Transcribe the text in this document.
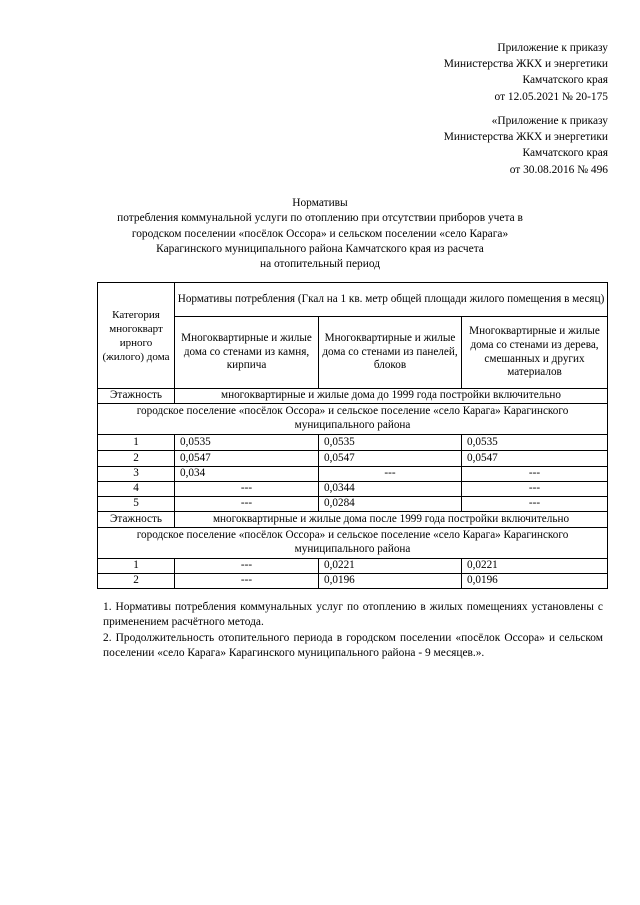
Приложение к приказу
Министерства ЖКХ и энергетики
Камчатского края
от 12.05.2021 № 20-175
«Приложение к приказу
Министерства ЖКХ и энергетики
Камчатского края
от 30.08.2016 № 496
Нормативы
потребления коммунальной услуги по отоплению при отсутствии приборов учета в
городском поселении «посёлок Оссора» и сельском поселении «село Карага»
Карагинского муниципального района Камчатского края из расчета
на отопительный период
Категория многокварт ирного (жилого) дома	Нормативы потребления (Гкал на 1 кв. метр общей площади жилого помещения в месяц)		
	Многоквартирные и жилые дома со стенами из камня, кирпича	Многоквартирные и жилые дома со стенами из панелей, блоков	Многоквартирные и жилые дома со стенами из дерева, смешанных и других материалов
Этажность	многоквартирные и жилые дома до 1999 года постройки включительно		
городское поселение «посёлок Оссора» и сельское поселение «село Карага» Карагинского муниципального района			
1	0,0535	0,0535	0,0535
2	0,0547	0,0547	0,0547
3	0,034	---	---
4	---	0,0344	---
5	---	0,0284	---
Этажность	многоквартирные и жилые дома после 1999 года постройки включительно		
городское поселение «посёлок Оссора» и сельское поселение «село Карага» Карагинского муниципального района			
1	---	0,0221	0,0221
2	---	0,0196	0,0196

1. Нормативы потребления коммунальных услуг по отоплению в жилых помещениях установлены с применением расчётного метода.

2. Продолжительность отопительного периода в городском поселении «посёлок Оссора» и сельском поселении «село Карага» Карагинского муниципального района - 9 месяцев.».
